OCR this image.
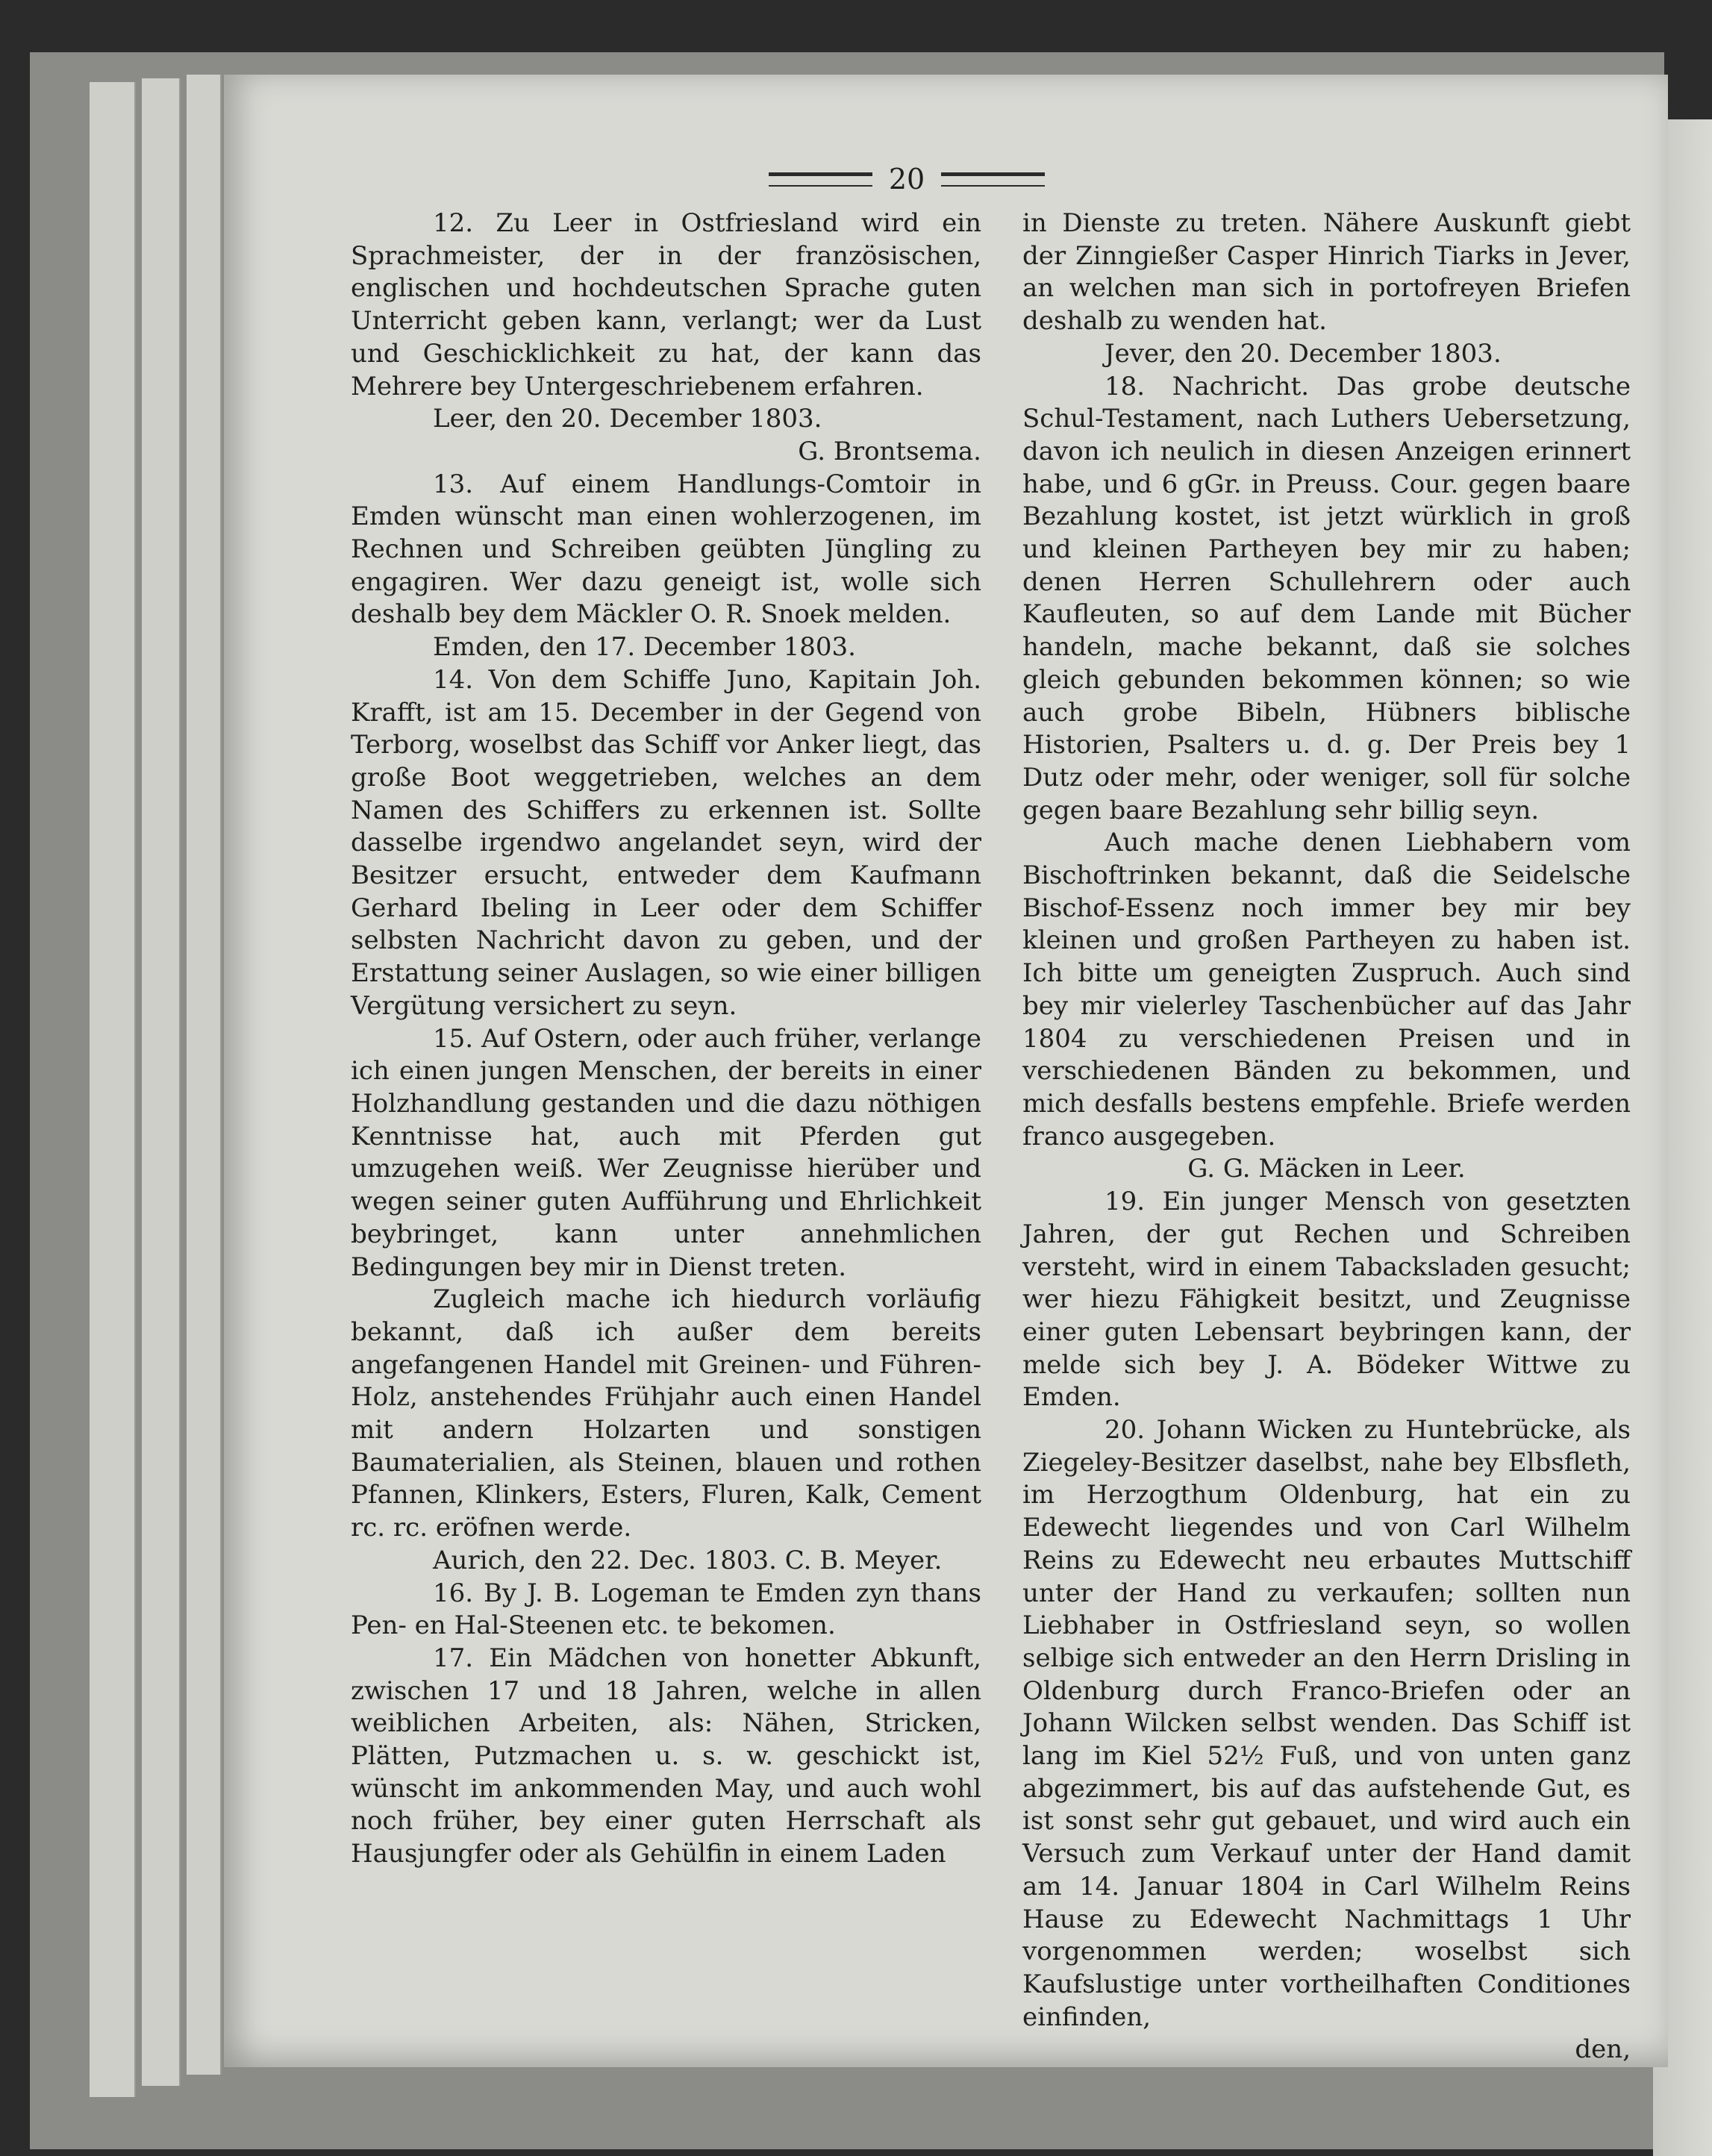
20

12. Zu Leer in Ostfriesland wird ein Sprachmeister, der in der französischen, englischen und hochdeutschen Sprache guten Unterricht geben kann, verlangt; wer da Lust und Geschicklichkeit zu hat, der kann das Mehrere bey Untergeschriebenem erfahren.

Leer, den 20. December 1803.

G. Brontsema.

13. Auf einem Handlungs-Comtoir in Emden wünscht man einen wohlerzogenen, im Rechnen und Schreiben geübten Jüngling zu engagiren. Wer dazu geneigt ist, wolle sich deshalb bey dem Mäckler O. R. Snoek melden.

Emden, den 17. December 1803.

14. Von dem Schiffe Juno, Kapitain Joh. Krafft, ist am 15. December in der Gegend von Terborg, woselbst das Schiff vor Anker liegt, das große Boot weggetrieben, welches an dem Namen des Schiffers zu erkennen ist. Sollte dasselbe irgendwo angelandet seyn, wird der Besitzer ersucht, entweder dem Kaufmann Gerhard Ibeling in Leer oder dem Schiffer selbsten Nachricht davon zu geben, und der Erstattung seiner Auslagen, so wie einer billigen Vergütung versichert zu seyn.

15. Auf Ostern, oder auch früher, verlange ich einen jungen Menschen, der bereits in einer Holzhandlung gestanden und die dazu nöthigen Kenntnisse hat, auch mit Pferden gut umzugehen weiß. Wer Zeugnisse hierüber und wegen seiner guten Aufführung und Ehrlichkeit beybringet, kann unter annehmlichen Bedingungen bey mir in Dienst treten.

Zugleich mache ich hiedurch vorläufig bekannt, daß ich außer dem bereits angefangenen Handel mit Greinen- und Führen-Holz, anstehendes Frühjahr auch einen Handel mit andern Holzarten und sonstigen Baumaterialien, als Steinen, blauen und rothen Pfannen, Klinkers, Esters, Fluren, Kalk, Cement rc. rc. eröfnen werde.

Aurich, den 22. Dec. 1803. C. B. Meyer.

16. By J. B. Logeman te Emden zyn thans Pen- en Hal-Steenen etc. te bekomen.

17. Ein Mädchen von honetter Abkunft, zwischen 17 und 18 Jahren, welche in allen weiblichen Arbeiten, als: Nähen, Stricken, Plätten, Putzmachen u. s. w. geschickt ist, wünscht im ankommenden May, und auch wohl noch früher, bey einer guten Herrschaft als Hausjungfer oder als Gehülfin in einem Laden

in Dienste zu treten. Nähere Auskunft giebt der Zinngießer Casper Hinrich Tiarks in Jever, an welchen man sich in portofreyen Briefen deshalb zu wenden hat.

Jever, den 20. December 1803.

18. Nachricht. Das grobe deutsche Schul-Testament, nach Luthers Uebersetzung, davon ich neulich in diesen Anzeigen erinnert habe, und 6 gGr. in Preuss. Cour. gegen baare Bezahlung kostet, ist jetzt würklich in groß und kleinen Partheyen bey mir zu haben; denen Herren Schullehrern oder auch Kaufleuten, so auf dem Lande mit Bücher handeln, mache bekannt, daß sie solches gleich gebunden bekommen können; so wie auch grobe Bibeln, Hübners biblische Historien, Psalters u. d. g. Der Preis bey 1 Dutz oder mehr, oder weniger, soll für solche gegen baare Bezahlung sehr billig seyn.

Auch mache denen Liebhabern vom Bischoftrinken bekannt, daß die Seidelsche Bischof-Essenz noch immer bey mir bey kleinen und großen Partheyen zu haben ist. Ich bitte um geneigten Zuspruch. Auch sind bey mir vielerley Taschenbücher auf das Jahr 1804 zu verschiedenen Preisen und in verschiedenen Bänden zu bekommen, und mich desfalls bestens empfehle. Briefe werden franco ausgegeben.

G. G. Mäcken in Leer.

19. Ein junger Mensch von gesetzten Jahren, der gut Rechen und Schreiben versteht, wird in einem Tabacksladen gesucht; wer hiezu Fähigkeit besitzt, und Zeugnisse einer guten Lebensart beybringen kann, der melde sich bey J. A. Bödeker Wittwe zu Emden.

20. Johann Wicken zu Huntebrücke, als Ziegeley-Besitzer daselbst, nahe bey Elbsfleth, im Herzogthum Oldenburg, hat ein zu Edewecht liegendes und von Carl Wilhelm Reins zu Edewecht neu erbautes Muttschiff unter der Hand zu verkaufen; sollten nun Liebhaber in Ostfriesland seyn, so wollen selbige sich entweder an den Herrn Drisling in Oldenburg durch Franco-Briefen oder an Johann Wilcken selbst wenden. Das Schiff ist lang im Kiel 52½ Fuß, und von unten ganz abgezimmert, bis auf das aufstehende Gut, es ist sonst sehr gut gebauet, und wird auch ein Versuch zum Verkauf unter der Hand damit am 14. Januar 1804 in Carl Wilhelm Reins Hause zu Edewecht Nachmittags 1 Uhr vorgenommen werden; woselbst sich Kaufslustige unter vortheilhaften Conditiones einfinden,

den,
